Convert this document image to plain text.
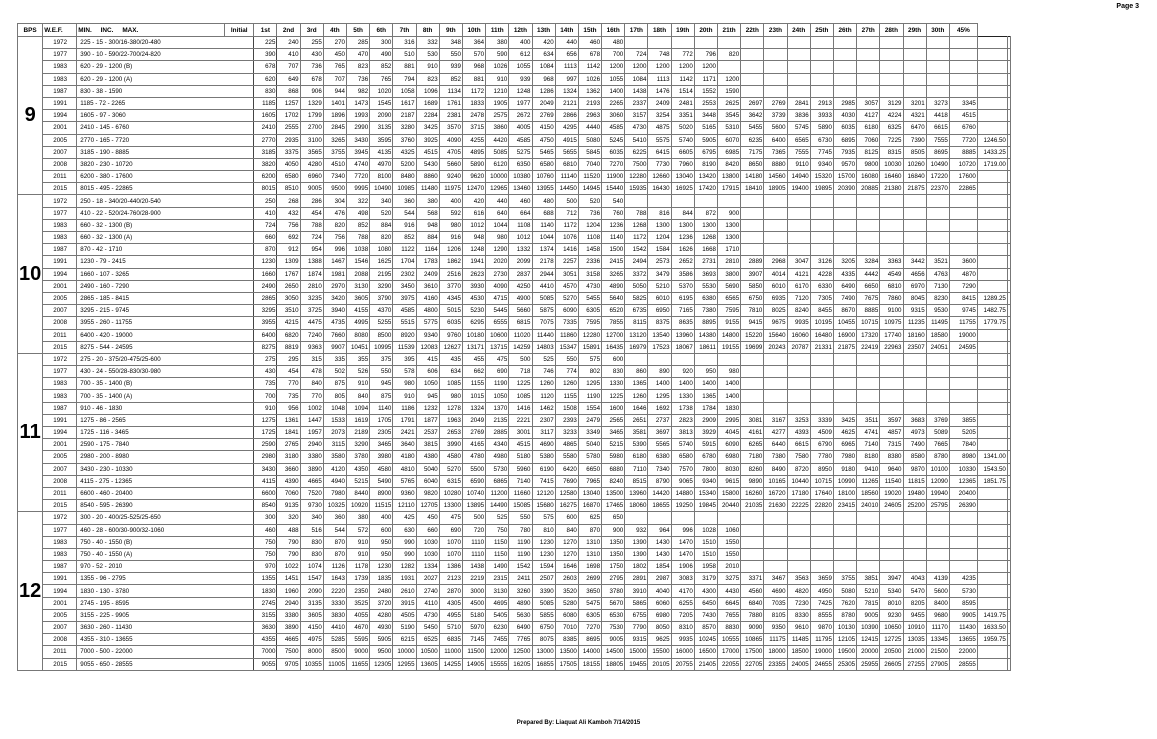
Page 3
BPS	W.E.F.	MIN. INC. MAX.	Initial	1st	2nd	3rd	4th	5th	6th	7th	8th	9th	10th	11th	12th	13th	14th	15th	16th	17th	18th	19th	20th	21th	22th	23th	24th	25th	26th	27th	28th	29th	30th	45%		
9	1972	225 - 15 - 300/16-380/20-480		225	240	255	270	285	300	316	332	348	364	380	400	420	440	460	480																	
	1977	390 - 10 - 590/22-700/24-820		390	410	430	450	470	490	510	530	550	570	590	612	634	656	678	700	724	748	772	796	820												
	1983	620 - 29 - 1200 (B)		678	707	736	765	823	852	881	910	939	968	1026	1055	1084	1113	1142	1200	1200	1200	1200	1200													
	1983	620 - 29 - 1200 (A)		620	649	678	707	736	765	794	823	852	881	910	939	968	997	1026	1055	1084	1113	1142	1171	1200												
	1987	830 - 38 - 1590		830	868	906	944	982	1020	1058	1096	1134	1172	1210	1248	1286	1324	1362	1400	1438	1476	1514	1552	1590												
	1991	1185 - 72 - 2265		1185	1257	1329	1401	1473	1545	1617	1689	1761	1833	1905	1977	2049	2121	2193	2265	2337	2409	2481	2553	2625	2697	2769	2841	2913	2985	3057	3129	3201	3273	3345		
	1994	1605 - 97 - 3060		1605	1702	1799	1896	1993	2090	2187	2284	2381	2478	2575	2672	2769	2866	2963	3060	3157	3254	3351	3448	3545	3642	3739	3836	3933	4030	4127	4224	4321	4418	4515		
	2001	2410 - 145 - 6760		2410	2555	2700	2845	2990	3135	3280	3425	3570	3715	3860	4005	4150	4295	4440	4585	4730	4875	5020	5165	5310	5455	5600	5745	5890	6035	6180	6325	6470	6615	6760		
	2005	2770 - 165 - 7720		2770	2935	3100	3265	3430	3595	3760	3925	4090	4255	4420	4585	4750	4915	5080	5245	5410	5575	5740	5905	6070	6235	6400	6565	6730	6895	7060	7225	7390	7555	7720	1246.50	
	2007	3185 - 190 - 8885		3185	3375	3565	3755	3945	4135	4325	4515	4705	4895	5085	5275	5465	5655	5845	6035	6225	6415	6605	6795	6985	7175	7365	7555	7745	7935	8125	8315	8505	8695	8885	1433.25	
	2008	3820 - 230 - 10720		3820	4050	4280	4510	4740	4970	5200	5430	5660	5890	6120	6350	6580	6810	7040	7270	7500	7730	7960	8190	8420	8650	8880	9110	9340	9570	9800	10030	10260	10490	10720	1719.00	
	2011	6200 - 380 - 17600		6200	6580	6960	7340	7720	8100	8480	8860	9240	9620	10000	10380	10760	11140	11520	11900	12280	12660	13040	13420	13800	14180	14560	14940	15320	15700	16080	16460	16840	17220	17600		
	2015	8015 - 495 - 22865		8015	8510	9005	9500	9995	10490	10985	11480	11975	12470	12965	13460	13955	14450	14945	15440	15935	16430	16925	17420	17915	18410	18905	19400	19895	20390	20885	21380	21875	22370	22865		
10	1972	250 - 18 - 340/20-440/20-540		250	268	286	304	322	340	360	380	400	420	440	460	480	500	520	540																	
	1977	410 - 22 - 520/24-760/28-900		410	432	454	476	498	520	544	568	592	616	640	664	688	712	736	760	788	816	844	872	900												
	1983	660 - 32 - 1300 (B)		724	756	788	820	852	884	916	948	980	1012	1044	1108	1140	1172	1204	1236	1268	1300	1300	1300	1300												
	1983	660 - 32 - 1300 (A)		660	692	724	756	788	820	852	884	916	948	980	1012	1044	1076	1108	1140	1172	1204	1236	1268	1300												
	1987	870 - 42 - 1710		870	912	954	996	1038	1080	1122	1164	1206	1248	1290	1332	1374	1416	1458	1500	1542	1584	1626	1668	1710												
	1991	1230 - 79 - 2415		1230	1309	1388	1467	1546	1625	1704	1783	1862	1941	2020	2099	2178	2257	2336	2415	2494	2573	2652	2731	2810	2889	2968	3047	3126	3205	3284	3363	3442	3521	3600		
	1994	1660 - 107 - 3265		1660	1767	1874	1981	2088	2195	2302	2409	2516	2623	2730	2837	2944	3051	3158	3265	3372	3479	3586	3693	3800	3907	4014	4121	4228	4335	4442	4549	4656	4763	4870		
	2001	2490 - 160 - 7290		2490	2650	2810	2970	3130	3290	3450	3610	3770	3930	4090	4250	4410	4570	4730	4890	5050	5210	5370	5530	5690	5850	6010	6170	6330	6490	6650	6810	6970	7130	7290		
	2005	2865 - 185 - 8415		2865	3050	3235	3420	3605	3790	3975	4160	4345	4530	4715	4900	5085	5270	5455	5640	5825	6010	6195	6380	6565	6750	6935	7120	7305	7490	7675	7860	8045	8230	8415	1289.25	
	2007	3295 - 215 - 9745		3295	3510	3725	3940	4155	4370	4585	4800	5015	5230	5445	5660	5875	6090	6305	6520	6735	6950	7165	7380	7595	7810	8025	8240	8455	8670	8885	9100	9315	9530	9745	1482.75	
	2008	3955 - 260 - 11755		3955	4215	4475	4735	4995	5255	5515	5775	6035	6295	6555	6815	7075	7335	7595	7855	8115	8375	8635	8895	9155	9415	9675	9935	10195	10455	10715	10975	11235	11495	11755	1779.75	
	2011	6400 - 420 - 19000		6400	6820	7240	7660	8080	8500	8920	9340	9760	10180	10600	11020	11440	11860	12280	12700	13120	13540	13960	14380	14800	15220	15640	16060	16480	16900	17320	17740	18160	18580	19000		
	2015	8275 - 544 - 24595		8275	8819	9363	9907	10451	10995	11539	12083	12627	13171	13715	14259	14803	15347	15891	16435	16979	17523	18067	18611	19155	19699	20243	20787	21331	21875	22419	22963	23507	24051	24595		
11	1972	275 - 20 - 375/20-475/25-600		275	295	315	335	355	375	395	415	435	455	475	500	525	550	575	600																	
	1977	430 - 24 - 550/28-830/30-980		430	454	478	502	526	550	578	606	634	662	690	718	746	774	802	830	860	890	920	950	980												
	1983	700 - 35 - 1400 (B)		735	770	840	875	910	945	980	1050	1085	1155	1190	1225	1260	1260	1295	1330	1365	1400	1400	1400	1400												
	1983	700 - 35 - 1400 (A)		700	735	770	805	840	875	910	945	980	1015	1050	1085	1120	1155	1190	1225	1260	1295	1330	1365	1400												
	1987	910 - 46 - 1830		910	956	1002	1048	1094	1140	1186	1232	1278	1324	1370	1416	1462	1508	1554	1600	1646	1692	1738	1784	1830												
	1991	1275 - 86 - 2565		1275	1361	1447	1533	1619	1705	1791	1877	1963	2049	2135	2221	2307	2393	2479	2565	2651	2737	2823	2909	2995	3081	3167	3253	3339	3425	3511	3597	3683	3769	3855		
	1994	1725 - 116 - 3465		1725	1841	1957	2073	2189	2305	2421	2537	2653	2769	2885	3001	3117	3233	3349	3465	3581	3697	3813	3929	4045	4161	4277	4393	4509	4625	4741	4857	4973	5089	5205		
	2001	2590 - 175 - 7840		2590	2765	2940	3115	3290	3465	3640	3815	3990	4165	4340	4515	4690	4865	5040	5215	5390	5565	5740	5915	6090	6265	6440	6615	6790	6965	7140	7315	7490	7665	7840		
	2005	2980 - 200 - 8980		2980	3180	3380	3580	3780	3980	4180	4380	4580	4780	4980	5180	5380	5580	5780	5980	6180	6380	6580	6780	6980	7180	7380	7580	7780	7980	8180	8380	8580	8780	8980	1341.00	
	2007	3430 - 230 - 10330		3430	3660	3890	4120	4350	4580	4810	5040	5270	5500	5730	5960	6190	6420	6650	6880	7110	7340	7570	7800	8030	8260	8490	8720	8950	9180	9410	9640	9870	10100	10330	1543.50	
	2008	4115 - 275 - 12365		4115	4390	4665	4940	5215	5490	5765	6040	6315	6590	6865	7140	7415	7690	7965	8240	8515	8790	9065	9340	9615	9890	10165	10440	10715	10990	11265	11540	11815	12090	12365	1851.75	
	2011	6600 - 460 - 20400		6600	7060	7520	7980	8440	8900	9360	9820	10280	10740	11200	11660	12120	12580	13040	13500	13960	14420	14880	15340	15800	16260	16720	17180	17640	18100	18560	19020	19480	19940	20400		
	2015	8540 - 595 - 26390		8540	9135	9730	10325	10920	11515	12110	12705	13300	13895	14490	15085	15680	16275	16870	17465	18060	18655	19250	19845	20440	21035	21630	22225	22820	23415	24010	24605	25200	25795	26390		
12	1972	300 - 20 - 400/25-525/25-650		300	320	340	360	380	400	425	450	475	500	525	550	575	600	625	650																	
	1977	460 - 28 - 600/30-900/32-1060		460	488	516	544	572	600	630	660	690	720	750	780	810	840	870	900	932	964	996	1028	1060												
	1983	750 - 40 - 1550 (B)		750	790	830	870	910	950	990	1030	1070	1110	1150	1190	1230	1270	1310	1350	1390	1430	1470	1510	1550												
	1983	750 - 40 - 1550 (A)		750	790	830	870	910	950	990	1030	1070	1110	1150	1190	1230	1270	1310	1350	1390	1430	1470	1510	1550												
	1987	970 - 52 - 2010		970	1022	1074	1126	1178	1230	1282	1334	1386	1438	1490	1542	1594	1646	1698	1750	1802	1854	1906	1958	2010												
	1991	1355 - 96 - 2795		1355	1451	1547	1643	1739	1835	1931	2027	2123	2219	2315	2411	2507	2603	2699	2795	2891	2987	3083	3179	3275	3371	3467	3563	3659	3755	3851	3947	4043	4139	4235		
	1994	1830 - 130 - 3780		1830	1960	2090	2220	2350	2480	2610	2740	2870	3000	3130	3260	3390	3520	3650	3780	3910	4040	4170	4300	4430	4560	4690	4820	4950	5080	5210	5340	5470	5600	5730		
	2001	2745 - 195 - 8595		2745	2940	3135	3330	3525	3720	3915	4110	4305	4500	4695	4890	5085	5280	5475	5670	5865	6060	6255	6450	6645	6840	7035	7230	7425	7620	7815	8010	8205	8400	8595		
	2005	3155 - 225 - 9905		3155	3380	3605	3830	4055	4280	4505	4730	4955	5180	5405	5630	5855	6080	6305	6530	6755	6980	7205	7430	7655	7880	8105	8330	8555	8780	9005	9230	9455	9680	9905	1419.75	
	2007	3630 - 260 - 11430		3630	3890	4150	4410	4670	4930	5190	5450	5710	5970	6230	6490	6750	7010	7270	7530	7790	8050	8310	8570	8830	9090	9350	9610	9870	10130	10390	10650	10910	11170	11430	1633.50	
	2008	4355 - 310 - 13655		4355	4665	4975	5285	5595	5905	6215	6525	6835	7145	7455	7765	8075	8385	8695	9005	9315	9625	9935	10245	10555	10865	11175	11485	11795	12105	12415	12725	13035	13345	13655	1959.75	
	2011	7000 - 500 - 22000		7000	7500	8000	8500	9000	9500	10000	10500	11000	11500	12000	12500	13000	13500	14000	14500	15000	15500	16000	16500	17000	17500	18000	18500	19000	19500	20000	20500	21000	21500	22000		
	2015	9055 - 650 - 28555		9055	9705	10355	11005	11655	12305	12955	13605	14255	14905	15555	16205	16855	17505	18155	18805	19455	20105	20755	21405	22055	22705	23355	24005	24655	25305	25955	26605	27255	27905	28555		
Prepared By: Liaquat Ali Kamboh 7/14/2015
